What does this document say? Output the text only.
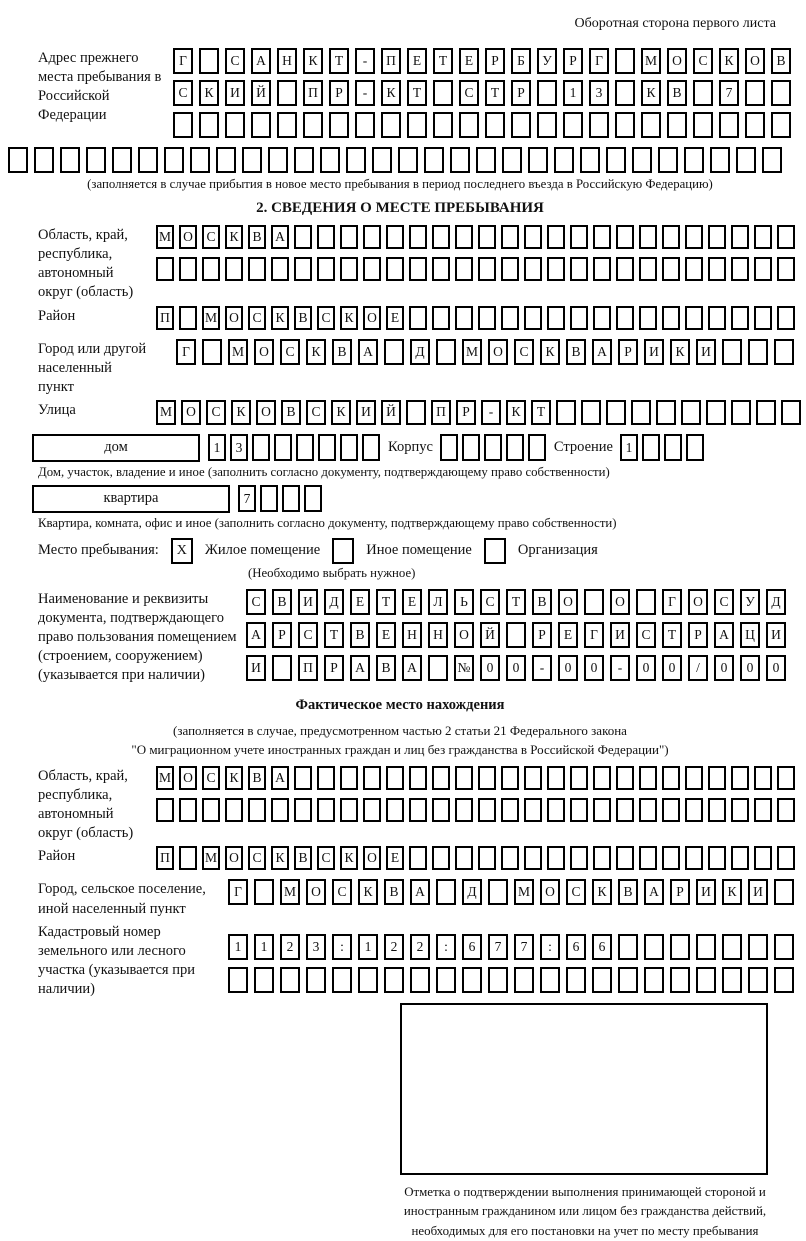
Оборотная сторона первого листа
Адрес прежнего места пребывания в Российской Федерации
Г	С	А	Н	К	Т	-	П	Е	Т	Е	Р	Б	У	Р	Г	М	О	С	К	О	В
С	К	И	Й	П	Р	-	К	Т	С	Т	Р	1	3	К	В	7
(заполняется в случае прибытия в новое место пребывания в период последнего въезда в Российскую Федерацию)
2. СВЕДЕНИЯ О МЕСТЕ ПРЕБЫВАНИЯ
Область, край, республика, автономный округ (область)
М О	С	К	В	А
Район	П	М О	С	К	В	С	К	О	Е
Город или другой населенный пункт
Г	М	О	С	К	В	А	Д	М	О	С	К	В	А	Р	И	К	И
Улица	М	О	С	К	О	В	С	К	И	Й	П	Р	-	К	Т
дом	1	3	Корпус	Строение 1
Дом, участок, владение и иное (заполнить согласно документу, подтверждающему право собственности)
квартира	7
Квартира, комната, офис и иное (заполнить согласно документу, подтверждающему право собственности)
Место пребывания:	X	Жилое помещение	Иное помещение	Организация
(Необходимо выбрать нужное)
Наименование и реквизиты документа, подтверждающего право пользования помещением (строением, сооружением) (указывается при наличии)
С	В	И	Д	Е	Т	Е	Л	Ь	С	Т	В	О	О	Г	О	С	У	Д
А	Р	С	Т	В	Е	Н	Н	О	Й	Р	Е	Г	И	С	Т	Р	А	Ц	И
И	П	Р	А	В	А	№	0	0	-	0	0	-	0	0	/	0	0	0
Фактическое место нахождения
(заполняется в случае, предусмотренном частью 2 статьи 21 Федерального закона
"О миграционном учете иностранных граждан и лиц без гражданства в Российской Федерации")
Область, край, республика, автономный округ (область)
М О	С	К	В	А
Район	П	М О	С	К	В	С	К	О	Е
Город, сельское поселение, иной населенный пункт
Г	М	О	С	К	В	А	Д	М	О	С	К	В	А	Р	И	К	И
Кадастровый номер земельного или лесного участка (указывается при наличии)
1	1	2	3	:	1	2	2	:	6	7	7	:	6	6
Отметка о подтверждении выполнения принимающей стороной и иностранным гражданином или лицом без гражданства действий, необходимых для его постановки на учет по месту пребывания
